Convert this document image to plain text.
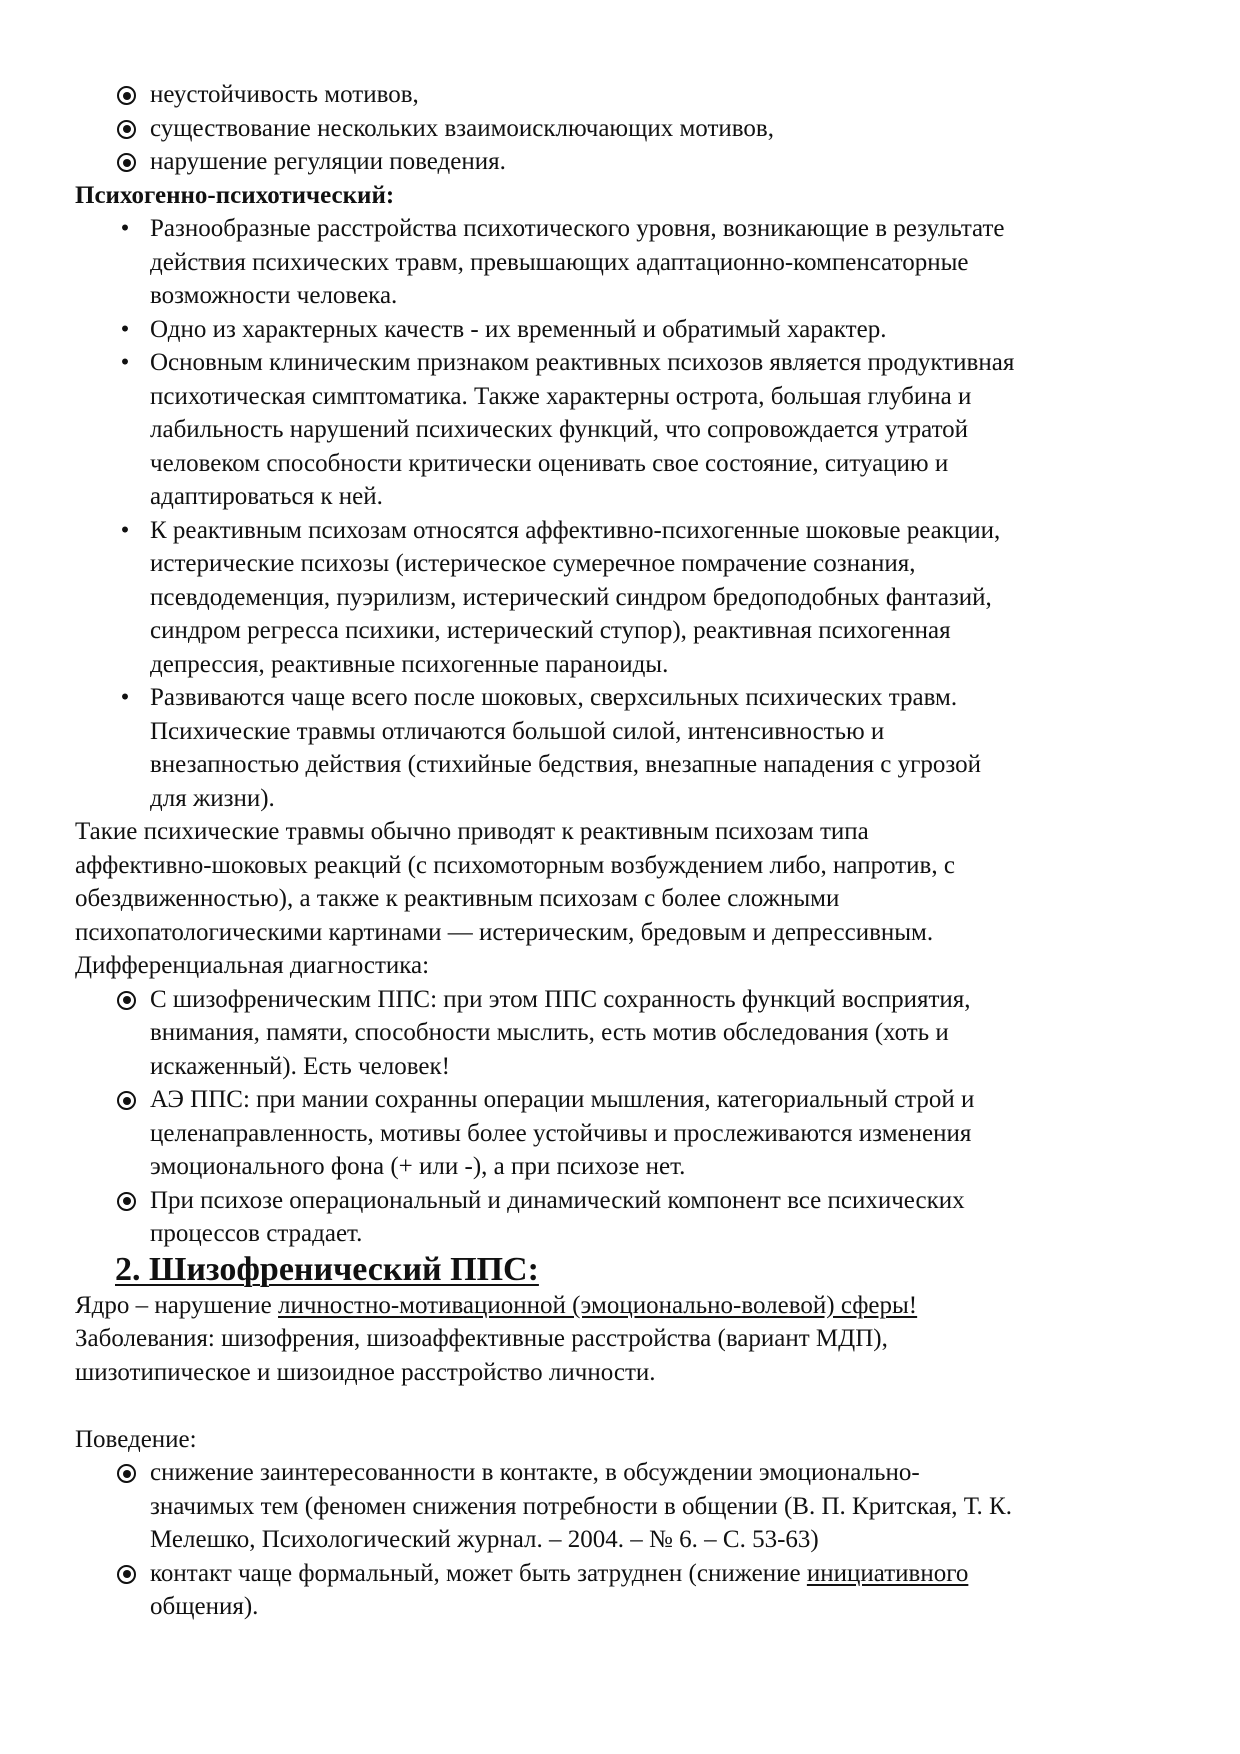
неустойчивость мотивов,
существование нескольких взаимоисключающих мотивов,
нарушение регуляции поведения.

Психогенно-психотический:

• Разнообразные расстройства психотического уровня, возникающие в результате
действия психических травм, превышающих адаптационно-компенсаторные
возможности человека.
• Одно из характерных качеств - их временный и обратимый характер.
• Основным клиническим признаком реактивных психозов является продуктивная
психотическая симптоматика. Также характерны острота, большая глубина и
лабильность нарушений психических функций, что сопровождается утратой
человеком способности критически оценивать свое состояние, ситуацию и
адаптироваться к ней.
• К реактивным психозам относятся аффективно-психогенные шоковые реакции,
истерические психозы (истерическое сумеречное помрачение сознания,
псевдодеменция, пуэрилизм, истерический синдром бредоподобных фантазий,
синдром регресса психики, истерический ступор), реактивная психогенная
депрессия, реактивные психогенные параноиды.
• Развиваются чаще всего после шоковых, сверхсильных психических травм.
Психические травмы отличаются большой силой, интенсивностью и
внезапностью действия (стихийные бедствия, внезапные нападения с угрозой
для жизни).

Такие психические травмы обычно приводят к реактивным психозам типа

аффективно-шоковых реакций (с психомоторным возбуждением либо, напротив, с

обездвиженностью), а также к реактивным психозам с более сложными

психопатологическими картинами — истерическим, бредовым и депрессивным.

Дифференциальная диагностика:

С шизофреническим ППС: при этом ППС сохранность функций восприятия,
внимания, памяти, способности мыслить, есть мотив обследования (хоть и
искаженный). Есть человек!
АЭ ППС: при мании сохранны операции мышления, категориальный строй и
целенаправленность, мотивы более устойчивы и прослеживаются изменения
эмоционального фона (+ или -), а при психозе нет.
При психозе операциональный и динамический компонент все психических
процессов страдает.
2. Шизофренический ППС:

Ядро – нарушение личностно-мотивационной (эмоционально-волевой) сферы!

Заболевания: шизофрения, шизоаффективные расстройства (вариант МДП),

шизотипическое и шизоидное расстройство личности.

Поведение:

снижение заинтересованности в контакте, в обсуждении эмоционально-
значимых тем (феномен снижения потребности в общении (В. П. Критская, Т. К.
Мелешко, Психологический журнал. – 2004. – № 6. – С. 53-63)
контакт чаще формальный, может быть затруднен (снижение инициативного
общения).
